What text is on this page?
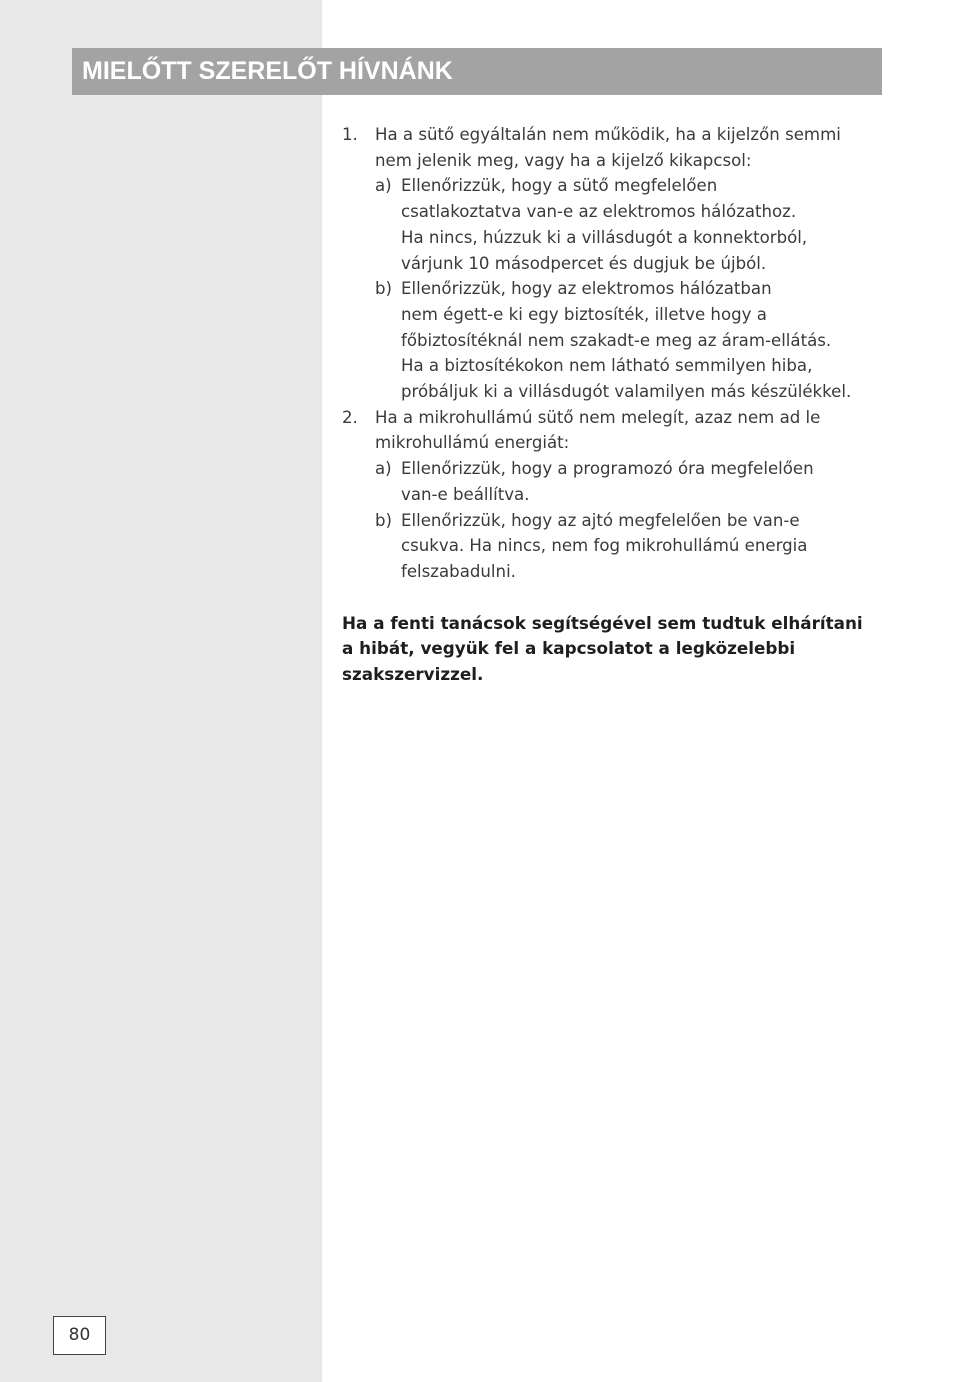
MIELŐTT SZERELŐT HÍVNÁNK
1. Ha a sütő egyáltalán nem működik, ha a kijelzőn semmi
nem jelenik meg, vagy ha a kijelző kikapcsol:
a) Ellenőrizzük, hogy a sütő megfelelően
csatlakoztatva van-e az elektromos hálózathoz.
Ha nincs, húzzuk ki a villásdugót a konnektorból,
várjunk 10 másodpercet és dugjuk be újból.
b) Ellenőrizzük, hogy az elektromos hálózatban
nem égett-e ki egy biztosíték, illetve hogy a
főbiztosítéknál nem szakadt-e meg az áram-ellátás.
Ha a biztosítékokon nem látható semmilyen hiba,
próbáljuk ki a villásdugót valamilyen más készülékkel.
2. Ha a mikrohullámú sütő nem melegít, azaz nem ad le
mikrohullámú energiát:
a) Ellenőrizzük, hogy a programozó óra megfelelően
van-e beállítva.
b) Ellenőrizzük, hogy az ajtó megfelelően be van-e
csukva. Ha nincs, nem fog mikrohullámú energia
felszabadulni.
Ha a fenti tanácsok segítségével sem tudtuk elhárítani
a hibát, vegyük fel a kapcsolatot a legközelebbi
szakszervizzel.
80
